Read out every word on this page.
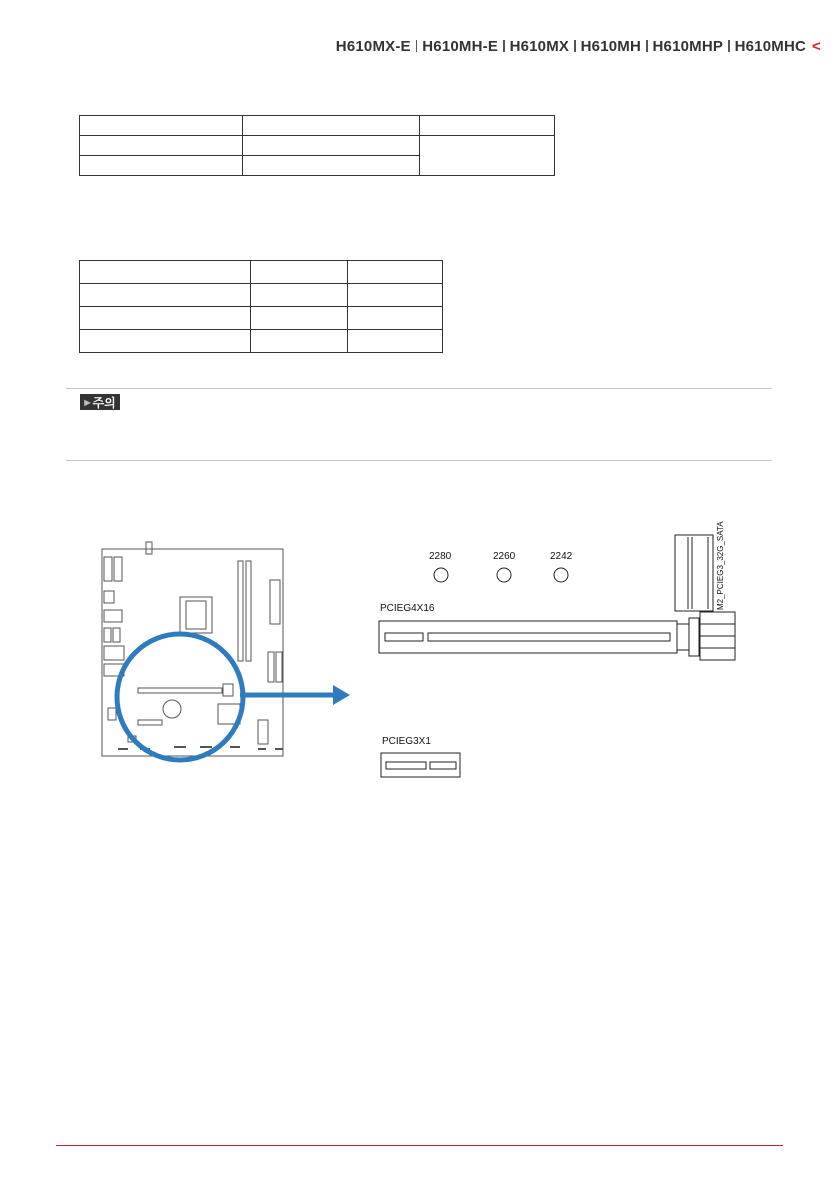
H610MX-E H610MH-E H610MX H610MH H610MHP H610MHC <

▶ 주의
2280	2260	2242
PCIEG4X16
PCIEG3X1
M2_PCIEG3_32G_SATA
